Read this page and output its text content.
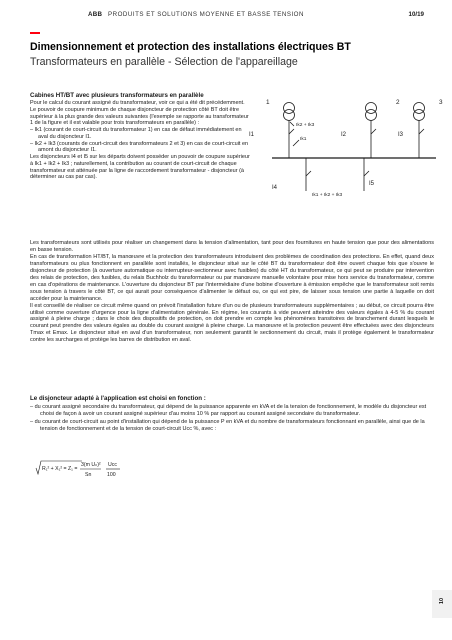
ABB PRODUITS ET SOLUTIONS MOYENNE ET BASSE TENSION	10/19
Dimensionnement et protection des installations électriques BT
Transformateurs en parallèle - Sélection de l'appareillage
Cabines HT/BT avec plusieurs transformateurs en parallèle

Pour le calcul du courant assigné du transformateur, voir ce qui a été dit précédemment. Le pouvoir de coupure minimum de chaque disjoncteur de protection côté BT doit être supérieur à la plus grande des valeurs suivantes (l'exemple se rapporte au transformateur 1 de la figure et il est valable pour trois transformateurs en parallèle) :

– Ik1 (courant de court-circuit du transformateur 1) en cas de défaut immédiatement en aval du disjoncteur I1.

– Ik2 + Ik3 (courants de court-circuit des transformateurs 2 et 3) en cas de court-circuit en amont du disjoncteur I1.

Les disjoncteurs I4 et I5 sur les départs doivent posséder un pouvoir de coupure supérieur à Ik1 + Ik2 + Ik3 ; naturellement, la contribution au courant de court-circuit de chaque transformateur est atténuée par la ligne de raccordement transformateur - disjoncteur (à déterminer au cas par cas).

1	2	3
I1	I2	I3
I4
I5
Ik2 + Ik3
Ik1
Ik1 + Ik2 + Ik3

Les transformateurs sont utilisés pour réaliser un changement dans la tension d'alimentation, tant pour des fournitures en haute tension que pour des alimentations en basse tension.

En cas de transformation HT/BT, la manœuvre et la protection des transformateurs introduisent des problèmes de coordination des protections. En effet, quand deux transformateurs ou plus fonctionnent en parallèle sont installés, le disjoncteur situé sur le côté BT du transformateur doit être ouvert chaque fois que s'ouvre le disjoncteur de protection (à ouverture automatique ou interrupteur-sectionneur avec fusibles) du côté HT du transformateur, ce qui peut se produire par intervention des relais de protection, des fusibles, du relais Buchholz du transformateur ou par manœuvre manuelle volontaire pour mise hors service du transformateur, comme en cas d'opérations de maintenance. L'ouverture du disjoncteur BT par l'intermédiaire d'une bobine d'ouverture à émission empêche que le transformateur soit remis sous tension à travers le côté BT, ce qui aurait pour conséquence d'alimenter le défaut ou, ce qui est pire, de laisser sous tension une partie à laquelle on doit accéder pour la maintenance.

Il est conseillé de réaliser ce circuit même quand on prévoit l'installation future d'un ou de plusieurs transformateurs supplémentaires ; au début, ce circuit pourra être utilisé comme ouverture d'urgence pour la ligne d'alimentation générale. En régime, les courants à vide peuvent atteindre des valeurs égales à 4-5 % du courant assigné à pleine charge ; dans le choix des dispositifs de protection, on doit prendre en compte les phénomènes transitoires de branchement durant lesquels le courant peut prendre des valeurs égales au double du courant assigné à pleine charge. La manœuvre et la protection peuvent être effectuées avec des disjoncteurs Tmax et Emax. Le disjoncteur situé en aval d'un transformateur, non seulement garantit le sectionnement du circuit, mais il protège également le transformateur contre les surcharges et protège les barres de distribution en aval.

Le disjoncteur adapté à l'application est choisi en fonction :

– du courant assigné secondaire du transformateur, qui dépend de la puissance apparente en kVA et de la tension de fonctionnement, le modèle du disjoncteur est choisi de façon à avoir un courant assigné supérieur d'au moins 10 % par rapport au courant assigné secondaire du transformateur.

– du courant de court-circuit au point d'installation qui dépend de la puissance P en kVA et du nombre de transformateurs fonctionnant en parallèle, ainsi que de la tension de fonctionnement et de la tension de court-circuit Ucc %, avec :

R₁² + X₁² = Z₁ =
3(m Uₙ)²
Sn
Ucc
100
10
